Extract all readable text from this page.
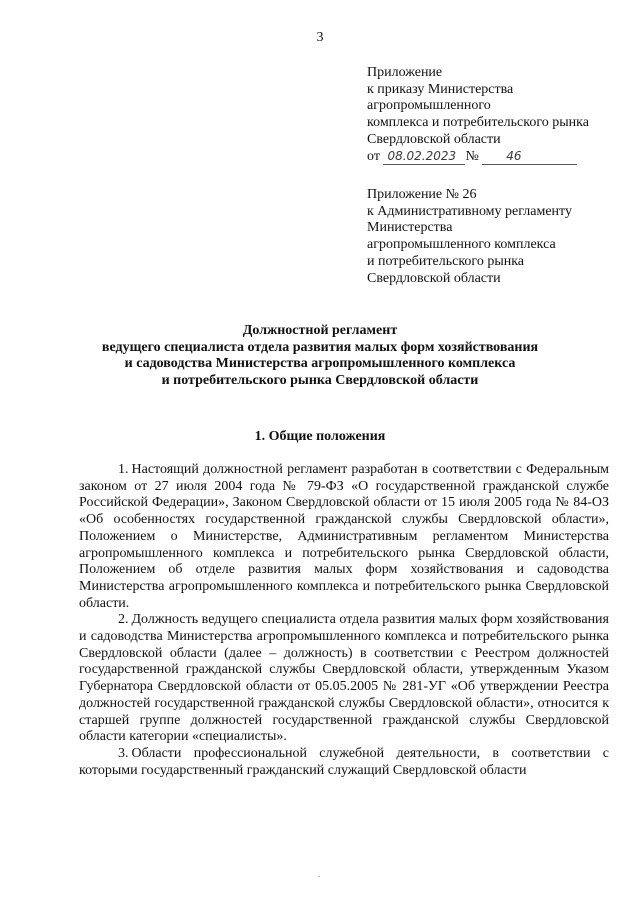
3
Приложение
к приказу Министерства
агропромышленного
комплекса и потребительского рынка
Свердловской области
от 08.02.2023 № 46
Приложение № 26
к Административному регламенту
Министерства
агропромышленного комплекса
и потребительского рынка
Свердловской области
Должностной регламент
ведущего специалиста отдела развития малых форм хозяйствования
и садоводства Министерства агропромышленного комплекса
и потребительского рынка Свердловской области
1. Общие положения

1. Настоящий должностной регламент разработан в соответствии с Федеральным законом от 27 июля 2004 года № 79-ФЗ «О государственной гражданской службе Российской Федерации», Законом Свердловской области от 15 июля 2005 года № 84-ОЗ «Об особенностях государственной гражданской службы Свердловской области», Положением о Министерстве, Административным регламентом Министерства агропромышленного комплекса и потребительского рынка Свердловской области, Положением об отделе развития малых форм хозяйствования и садоводства Министерства агропромышленного комплекса и потребительского рынка Свердловской области.

2. Должность ведущего специалиста отдела развития малых форм хозяйствования и садоводства Министерства агропромышленного комплекса и потребительского рынка Свердловской области (далее – должность) в соответствии с Реестром должностей государственной гражданской службы Свердловской области, утвержденным Указом Губернатора Свердловской области от 05.05.2005 № 281-УГ «Об утверждении Реестра должностей государственной гражданской службы Свердловской области», относится к старшей группе должностей государственной гражданской службы Свердловской области категории «специалисты».

3. Области профессиональной служебной деятельности, в соответствии с которыми государственный гражданский служащий Свердловской области
